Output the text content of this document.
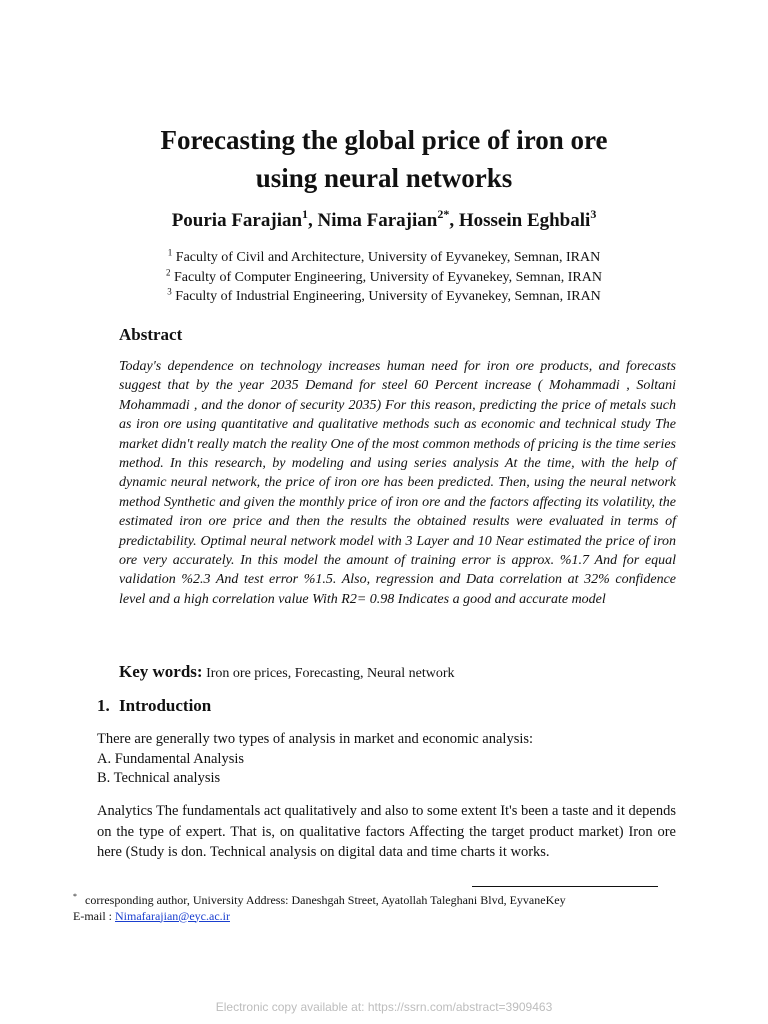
Forecasting the global price of iron ore
using neural networks
Pouria Farajian$^1$, Nima Farajian$^{2*}$, Hossein Eghbali$^3$
$^1$ Faculty of Civil and Architecture, University of Eyvanekey, Semnan, IRAN
$^2$ Faculty of Computer Engineering, University of Eyvanekey, Semnan, IRAN
$^3$ Faculty of Industrial Engineering, University of Eyvanekey, Semnan, IRAN
Abstract
Today's dependence on technology increases human need for iron ore products, and forecasts suggest that by the year 2035 Demand for steel 60 Percent increase ( Mohammadi , Soltani Mohammadi , and the donor of security 2035) For this reason, predicting the price of metals such as iron ore using quantitative and qualitative methods such as economic and technical study The market didn't really match the reality One of the most common methods of pricing is the time series method. In this research, by modeling and using series analysis At the time, with the help of dynamic neural network, the price of iron ore has been predicted. Then, using the neural network method Synthetic and given the monthly price of iron ore and the factors affecting its volatility, the estimated iron ore price and then the results the obtained results were evaluated in terms of predictability. Optimal neural network model with 3 Layer and 10 Near estimated the price of iron ore very accurately. In this model the amount of training error is approx. %1.7 And for equal validation %2.3 And test error %1.5. Also, regression and Data correlation at 32% confidence level and a high correlation value With R2= 0.98 Indicates a good and accurate model
Key words: Iron ore prices, Forecasting, Neural network
1. Introduction
There are generally two types of analysis in market and economic analysis:
A. Fundamental Analysis
B. Technical analysis
Analytics The fundamentals act qualitatively and also to some extent It's been a taste and it depends on the type of expert. That is, on qualitative factors Affecting the target product market) Iron ore here (Study is don. Technical analysis on digital data and time charts it works.
* corresponding author, University Address: Daneshgah Street, Ayatollah Taleghani Blvd, EyvaneKey
E-mail : Nimafarajian@eyc.ac.ir
Electronic copy available at: https://ssrn.com/abstract=3909463
